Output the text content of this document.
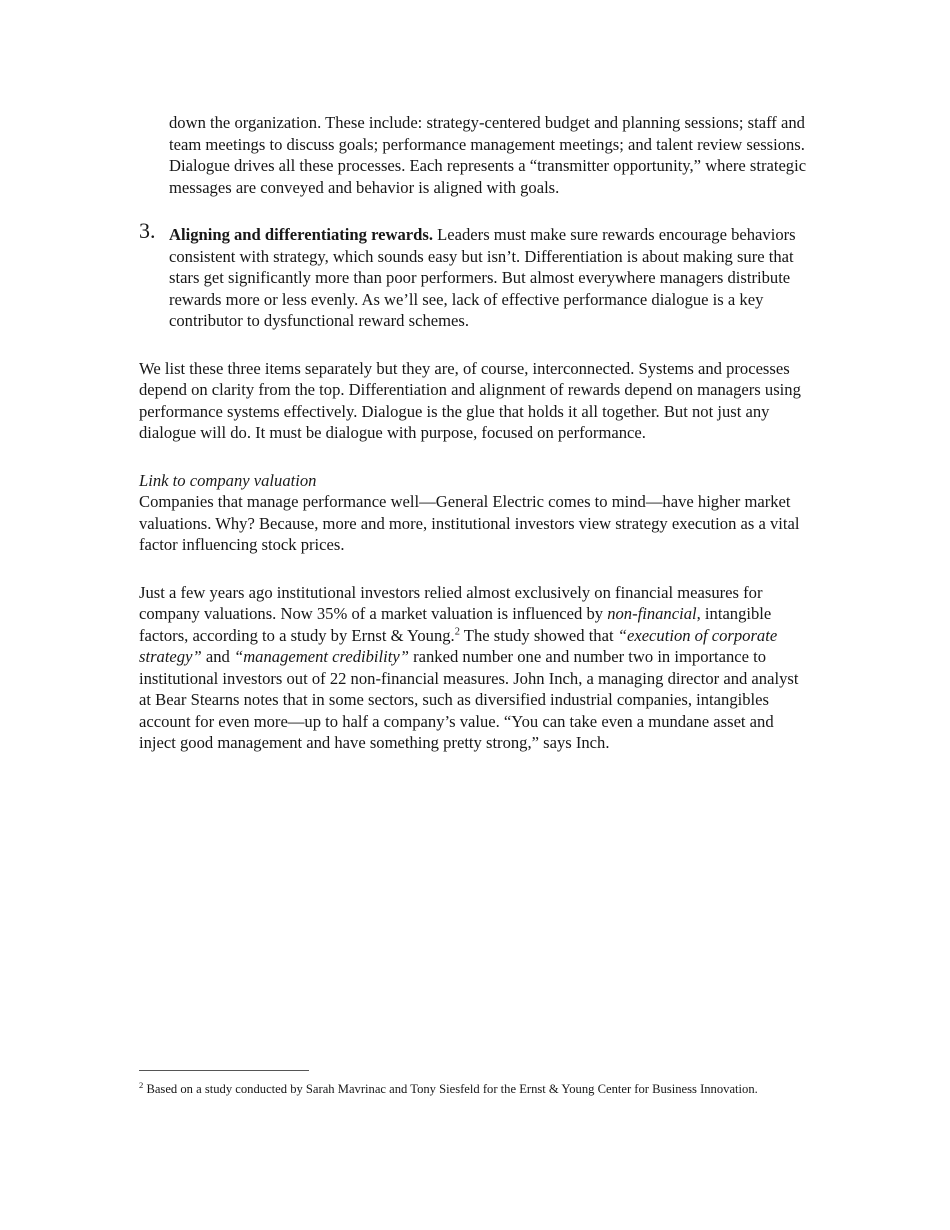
down the organization. These include: strategy-centered budget and planning sessions; staff and team meetings to discuss goals; performance management meetings; and talent review sessions. Dialogue drives all these processes. Each represents a “transmitter opportunity,” where strategic messages are conveyed and behavior is aligned with goals.

3. Aligning and differentiating rewards. Leaders must make sure rewards encourage behaviors consistent with strategy, which sounds easy but isn’t. Differentiation is about making sure that stars get significantly more than poor performers. But almost everywhere managers distribute rewards more or less evenly. As we’ll see, lack of effective performance dialogue is a key contributor to dysfunctional reward schemes.

We list these three items separately but they are, of course, interconnected. Systems and processes depend on clarity from the top. Differentiation and alignment of rewards depend on managers using performance systems effectively. Dialogue is the glue that holds it all together. But not just any dialogue will do. It must be dialogue with purpose, focused on performance.

Link to company valuation

Companies that manage performance well—General Electric comes to mind—have higher market valuations. Why? Because, more and more, institutional investors view strategy execution as a vital factor influencing stock prices.

Just a few years ago institutional investors relied almost exclusively on financial measures for company valuations. Now 35% of a market valuation is influenced by non-financial, intangible factors, according to a study by Ernst & Young.$^2$ The study showed that “execution of corporate strategy” and “management credibility” ranked number one and number two in importance to institutional investors out of 22 non-financial measures. John Inch, a managing director and analyst at Bear Stearns notes that in some sectors, such as diversified industrial companies, intangibles account for even more—up to half a company’s value. “You can take even a mundane asset and inject good management and have something pretty strong,” says Inch.

$^2$ Based on a study conducted by Sarah Mavrinac and Tony Siesfeld for the Ernst & Young Center for Business Innovation.
